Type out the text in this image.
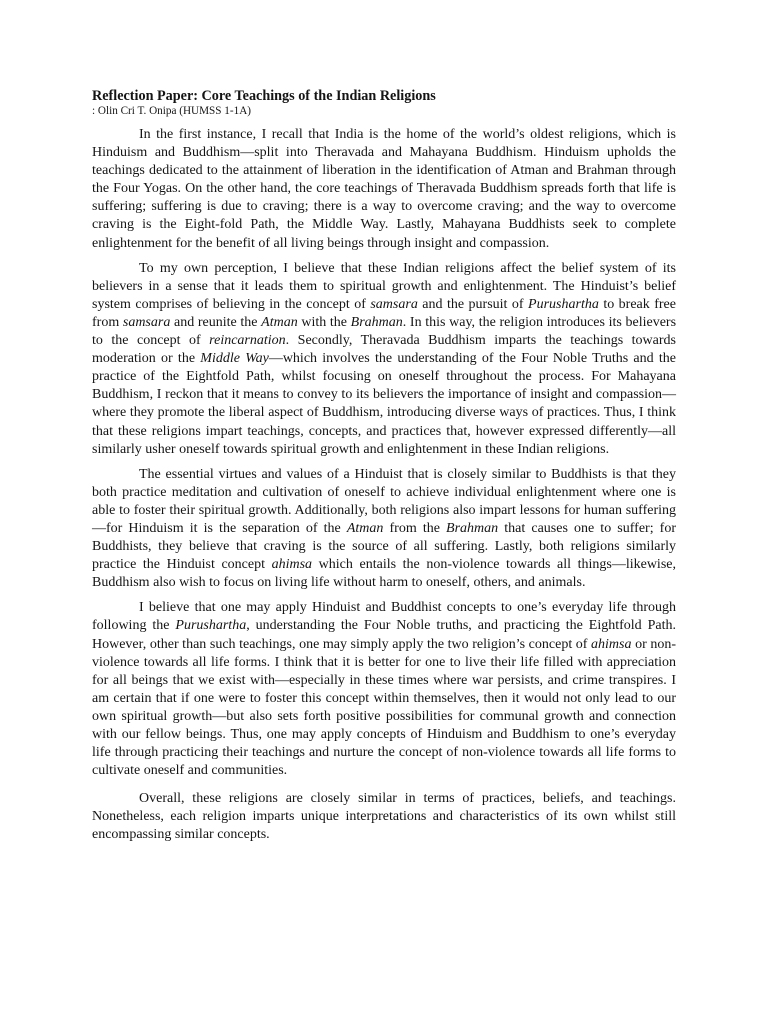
Reflection Paper: Core Teachings of the Indian Religions

: Olin Cri T. Onipa (HUMSS 1-1A)

In the first instance, I recall that India is the home of the world’s oldest religions, which is Hinduism and Buddhism—split into Theravada and Mahayana Buddhism. Hinduism upholds the teachings dedicated to the attainment of liberation in the identification of Atman and Brahman through the Four Yogas. On the other hand, the core teachings of Theravada Buddhism spreads forth that life is suffering; suffering is due to craving; there is a way to overcome craving; and the way to overcome craving is the Eight-fold Path, the Middle Way. Lastly, Mahayana Buddhists seek to complete enlightenment for the benefit of all living beings through insight and compassion.

To my own perception, I believe that these Indian religions affect the belief system of its believers in a sense that it leads them to spiritual growth and enlightenment. The Hinduist’s belief system comprises of believing in the concept of samsara and the pursuit of Purushartha to break free from samsara and reunite the Atman with the Brahman. In this way, the religion introduces its believers to the concept of reincarnation. Secondly, Theravada Buddhism imparts the teachings towards moderation or the Middle Way—which involves the understanding of the Four Noble Truths and the practice of the Eightfold Path, whilst focusing on oneself throughout the process. For Mahayana Buddhism, I reckon that it means to convey to its believers the importance of insight and compassion—where they promote the liberal aspect of Buddhism, introducing diverse ways of practices. Thus, I think that these religions impart teachings, concepts, and practices that, however expressed differently—all similarly usher oneself towards spiritual growth and enlightenment in these Indian religions.

The essential virtues and values of a Hinduist that is closely similar to Buddhists is that they both practice meditation and cultivation of oneself to achieve individual enlightenment where one is able to foster their spiritual growth. Additionally, both religions also impart lessons for human suffering—for Hinduism it is the separation of the Atman from the Brahman that causes one to suffer; for Buddhists, they believe that craving is the source of all suffering. Lastly, both religions similarly practice the Hinduist concept ahimsa which entails the non-violence towards all things—likewise, Buddhism also wish to focus on living life without harm to oneself, others, and animals.

I believe that one may apply Hinduist and Buddhist concepts to one’s everyday life through following the Purushartha, understanding the Four Noble truths, and practicing the Eightfold Path. However, other than such teachings, one may simply apply the two religion’s concept of ahimsa or non-violence towards all life forms. I think that it is better for one to live their life filled with appreciation for all beings that we exist with—especially in these times where war persists, and crime transpires. I am certain that if one were to foster this concept within themselves, then it would not only lead to our own spiritual growth—but also sets forth positive possibilities for communal growth and connection with our fellow beings. Thus, one may apply concepts of Hinduism and Buddhism to one’s everyday life through practicing their teachings and nurture the concept of non-violence towards all life forms to cultivate oneself and communities.

Overall, these religions are closely similar in terms of practices, beliefs, and teachings. Nonetheless, each religion imparts unique interpretations and characteristics of its own whilst still encompassing similar concepts.
